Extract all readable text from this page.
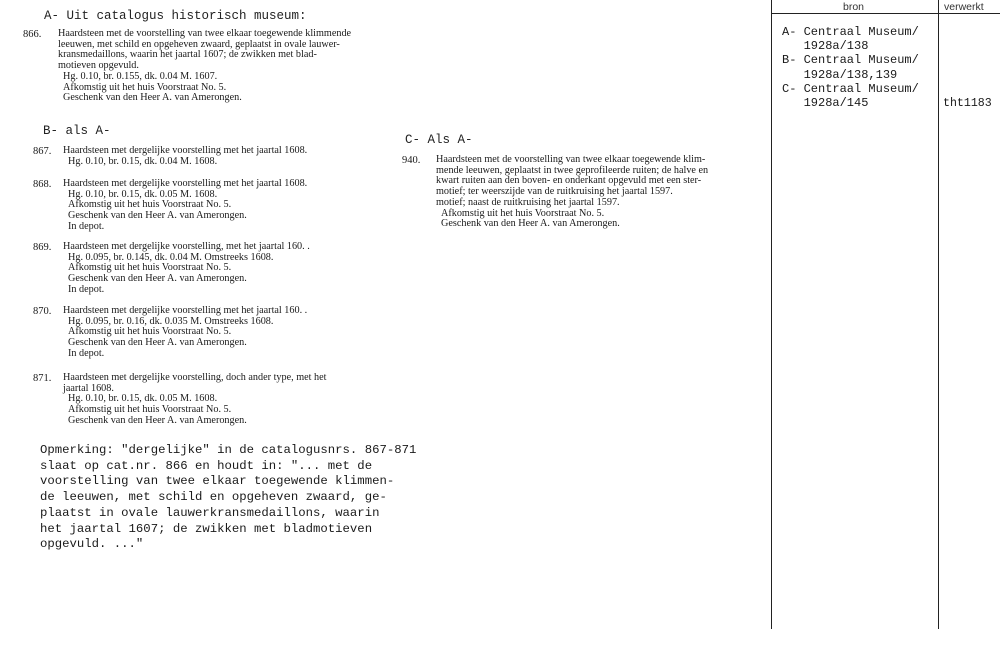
A- Uit catalogus historisch museum:
866. Haardsteen met de voorstelling van twee elkaar toegewende klimmende
leeuwen, met schild en opgeheven zwaard, geplaatst in ovale lauwer-
kransmedaillons, waarin het jaartal 1607; de zwikken met blad-
motieven opgevuld.
Hg. 0.10, br. 0.155, dk. 0.04 M. 1607.
Afkomstig uit het huis Voorstraat No. 5.
Geschenk van den Heer A. van Amerongen.
B- als A-
867. Haardsteen met dergelijke voorstelling met het jaartal 1608.
Hg. 0.10, br. 0.15, dk. 0.04 M. 1608.
868. Haardsteen met dergelijke voorstelling met het jaartal 1608.
Hg. 0.10, br. 0.15, dk. 0.05 M. 1608.
Afkomstig uit het huis Voorstraat No. 5.
Geschenk van den Heer A. van Amerongen.
In depot.
869. Haardsteen met dergelijke voorstelling, met het jaartal 160. .
Hg. 0.095, br. 0.145, dk. 0.04 M. Omstreeks 1608.
Afkomstig uit het huis Voorstraat No. 5.
Geschenk van den Heer A. van Amerongen.
In depot.
870. Haardsteen met dergelijke voorstelling met het jaartal 160. .
Hg. 0.095, br. 0.16, dk. 0.035 M. Omstreeks 1608.
Afkomstig uit het huis Voorstraat No. 5.
Geschenk van den Heer A. van Amerongen.
In depot.
871. Haardsteen met dergelijke voorstelling, doch ander type, met het
jaartal 1608.
Hg. 0.10, br. 0.15, dk. 0.05 M. 1608.
Afkomstig uit het huis Voorstraat No. 5.
Geschenk van den Heer A. van Amerongen.
C- Als A-
940. Haardsteen met de voorstelling van twee elkaar toegewende klim-
mende leeuwen, geplaatst in twee geprofileerde ruiten; de halve en
kwart ruiten aan den boven- en onderkant opgevuld met een ster-
motief; ter weerszijde van de ruitkruising het jaartal 1597.
motief; naast de ruitkruising het jaartal 1597.
Afkomstig uit het huis Voorstraat No. 5.
Geschenk van den Heer A. van Amerongen.
Opmerking: "dergelijke" in de catalogusnrs. 867-871
slaat op cat.nr. 866 en houdt in: "... met de
voorstelling van twee elkaar toegewende klimmen-
de leeuwen, met schild en opgeheven zwaard, ge-
plaatst in ovale lauwerkransmedaillons, waarin
het jaartal 1607; de zwikken met bladmotieven
opgevuld. ..."
bron	verwerkt
A- Centraal Museum/
1928a/138
B- Centraal Museum/
1928a/138,139
C- Centraal Museum/
1928a/145	tht1183
